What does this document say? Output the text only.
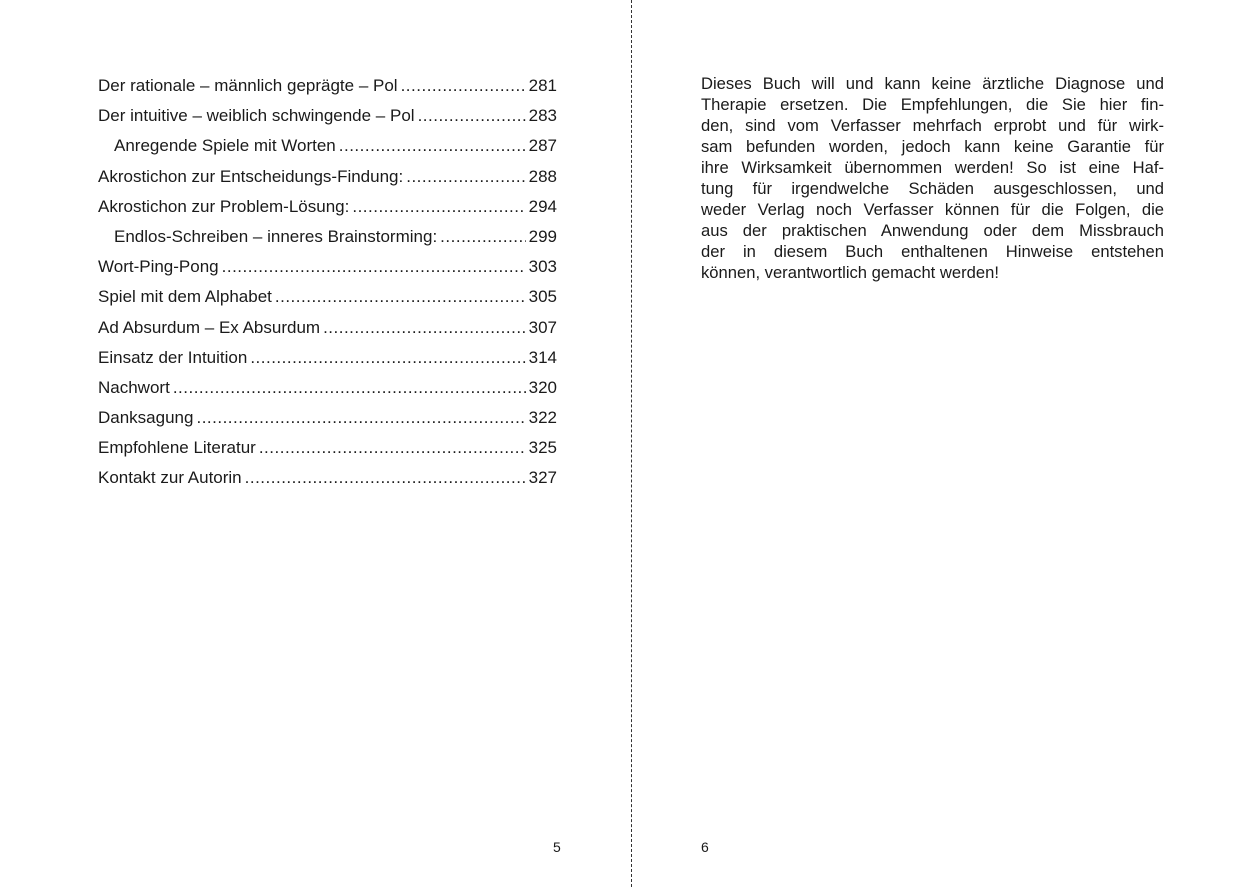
Der rationale – männlich geprägte – Pol .....	281
Der intuitive – weiblich schwingende – Pol .....	283
Anregende Spiele mit Worten .....	287
Akrostichon zur Entscheidungs-Findung: .....	288
Akrostichon zur Problem-Lösung: .....	294
Endlos-Schreiben – inneres Brainstorming: .....	299
Wort-Ping-Pong .....	303
Spiel mit dem Alphabet .....	305
Ad Absurdum – Ex Absurdum .....	307
Einsatz der Intuition .....	314
Nachwort .....	320
Danksagung .....	322
Empfohlene Literatur .....	325
Kontakt zur Autorin .....	327
5

Dieses Buch will und kann keine ärztliche Diagnose und
Therapie ersetzen. Die Empfehlungen, die Sie hier fin-
den, sind vom Verfasser mehrfach erprobt und für wirk-
sam befunden worden, jedoch kann keine Garantie für
ihre Wirksamkeit übernommen werden! So ist eine Haf-
tung für irgendwelche Schäden ausgeschlossen, und
weder Verlag noch Verfasser können für die Folgen, die
aus der praktischen Anwendung oder dem Missbrauch
der in diesem Buch enthaltenen Hinweise entstehen
können, verantwortlich gemacht werden!

6
